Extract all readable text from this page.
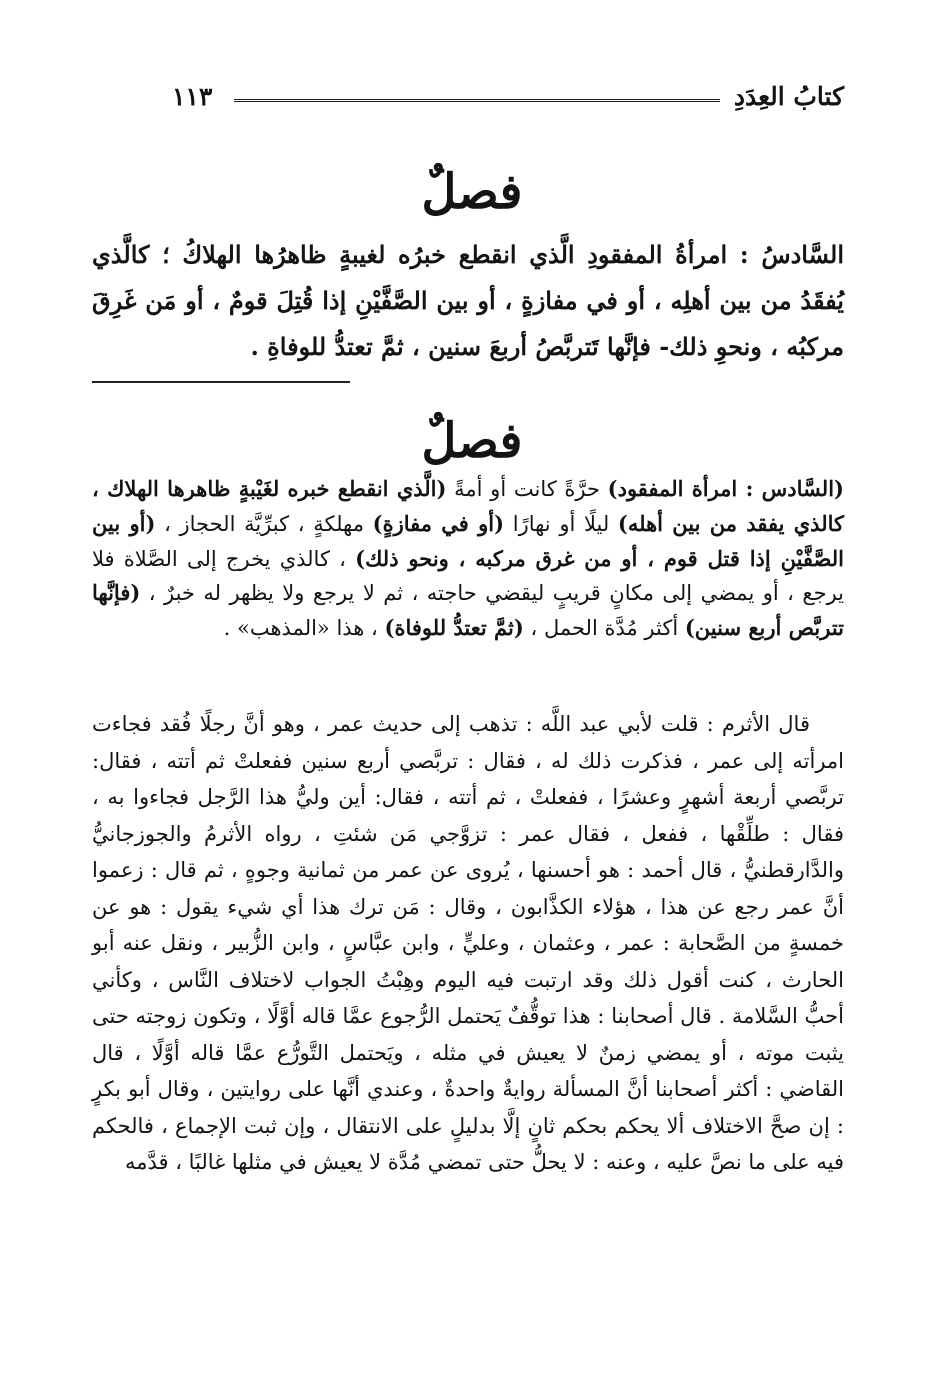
كتابُ العِدَدِ
١١٣
فصلٌ
السَّادسُ : امرأةُ المفقودِ الَّذي انقطع خبرُه لغيبةٍ ظاهرُها الهلاكُ ؛ كالَّذي يُفقَدُ من بين أهلِه ، أو في مفازةٍ ، أو بين الصَّفَّيْنِ إذا قُتِلَ قومٌ ، أو مَن غَرِقَ مركبُه ، ونحوِ ذلك- فإنَّها تَتربَّصُ أربعَ سنين ، ثمَّ تعتدُّ للوفاةِ .
فصلٌ
(السَّادس : امرأة المفقود) حرَّةً كانت أو أمةً (الَّذي انقطع خبره لغَيْبةٍ ظاهرها الهلاك ، كالذي يفقد من بين أهله) ليلًا أو نهارًا (أو في مفازةٍ) مهلكةٍ ، كبرِّيَّة الحجاز ، (أو بين الصَّفَّيْنِ إذا قتل قوم ، أو من غرق مركبه ، ونحو ذلك) ، كالذي يخرج إلى الصَّلاة فلا يرجع ، أو يمضي إلى مكانٍ قريبٍ ليقضي حاجته ، ثم لا يرجع ولا يظهر له خبرٌ ، (فإنَّها تتربَّص أربع سنين) أكثر مُدَّة الحمل ، (ثمَّ تعتدُّ للوفاة) ، هذا «المذهب» .
قال الأثرم : قلت لأبي عبد اللَّه : تذهب إلى حديث عمر ، وهو أنَّ رجلًا فُقد فجاءت امرأته إلى عمر ، فذكرت ذلك له ، فقال : تربَّصي أربع سنين ففعلتْ ثم أتته ، فقال: تربَّصي أربعة أشهرٍ وعشرًا ، ففعلتْ ، ثم أتته ، فقال: أين وليُّ هذا الرَّجل فجاءوا به ، فقال : طلِّقْها ، ففعل ، فقال عمر : تزوَّجي مَن شئتِ ، رواه الأثرمُ والجوزجانيُّ والدَّارقطنيُّ ، قال أحمد : هو أحسنها ، يُروى عن عمر من ثمانية وجوهٍ ، ثم قال : زعموا أنَّ عمر رجع عن هذا ، هؤلاء الكذَّابون ، وقال : مَن ترك هذا أي شيء يقول : هو عن خمسةٍ من الصَّحابة : عمر ، وعثمان ، وعليٍّ ، وابن عبَّاسٍ ، وابن الزُّبير ، ونقل عنه أبو الحارث ، كنت أقول ذلك وقد ارتبت فيه اليوم وهِبْتُ الجواب لاختلاف النَّاس ، وكأني أحبُّ السَّلامة . قال أصحابنا : هذا توقُّفٌ يَحتمل الرُّجوع عمَّا قاله أوَّلًا ، وتكون زوجته حتى يثبت موته ، أو يمضي زمنٌ لا يعيش في مثله ، ويَحتمل التَّورُّع عمَّا قاله أوَّلًا ، قال القاضي : أكثر أصحابنا أنَّ المسألة روايةٌ واحدةٌ ، وعندي أنَّها على روايتين ، وقال أبو بكرٍ : إن صحَّ الاختلاف ألا يحكم بحكم ثانٍ إلَّا بدليلٍ على الانتقال ، وإن ثبت الإجماع ، فالحكم فيه على ما نصَّ عليه ، وعنه : لا يحلُّ حتى تمضي مُدَّة لا يعيش في مثلها غالبًا ، قدَّمه
